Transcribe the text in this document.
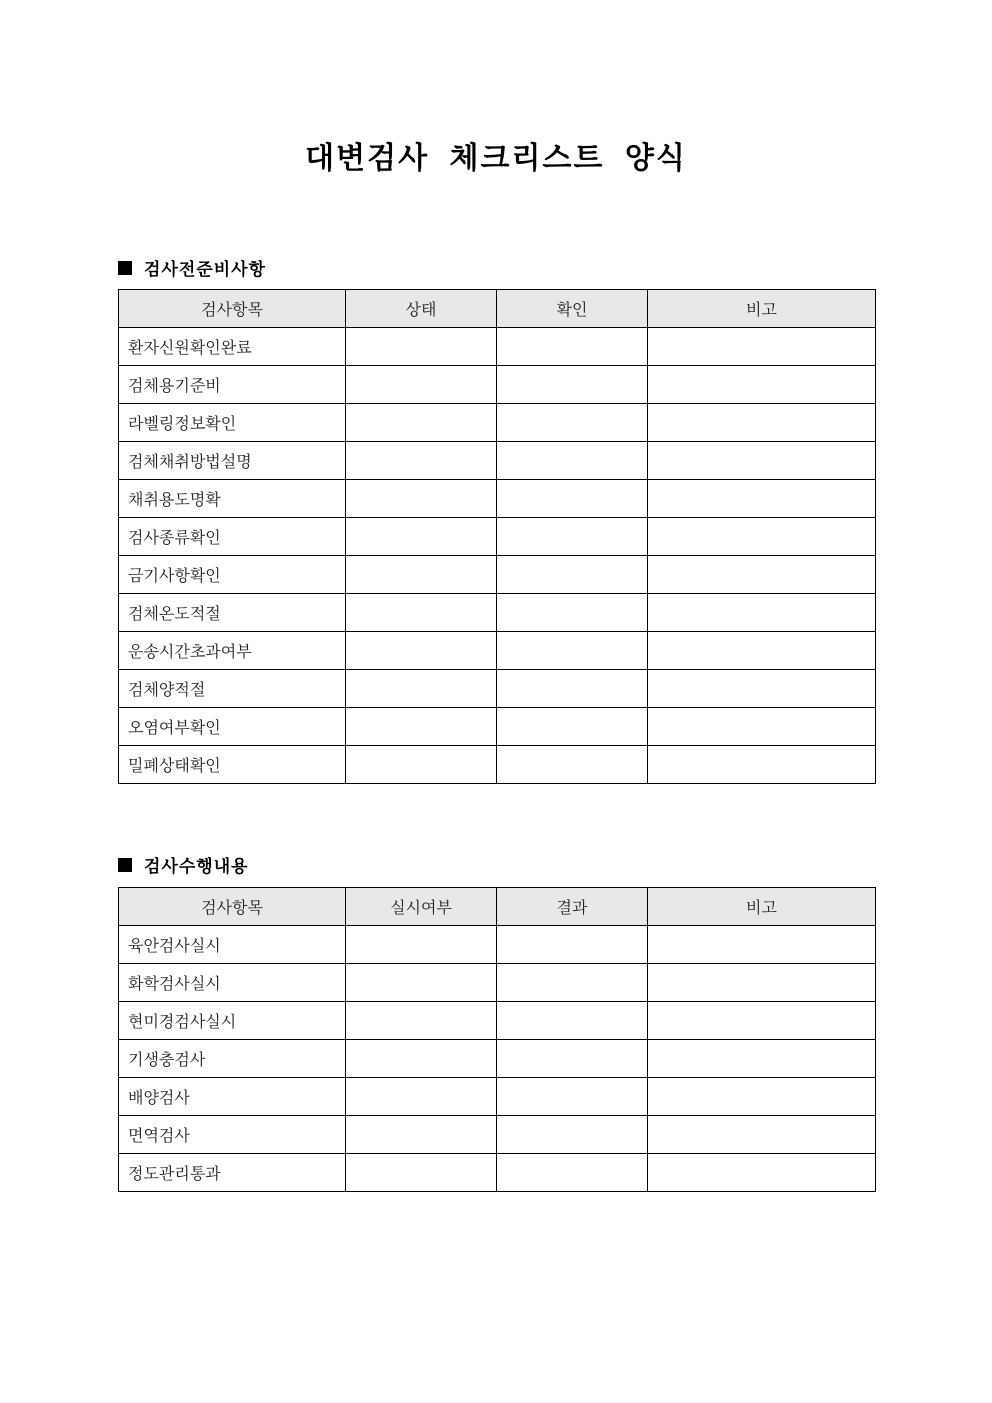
대변검사 체크리스트 양식
검사전준비사항
검사항목	상태	확인	비고
환자신원확인완료			
검체용기준비			
라벨링정보확인			
검체채취방법설명			
채취용도명확			
검사종류확인			
금기사항확인			
검체온도적절			
운송시간초과여부			
검체양적절			
오염여부확인			
밀폐상태확인			
검사수행내용
검사항목	실시여부	결과	비고
육안검사실시			
화학검사실시			
현미경검사실시			
기생충검사			
배양검사			
면역검사			
정도관리통과			
